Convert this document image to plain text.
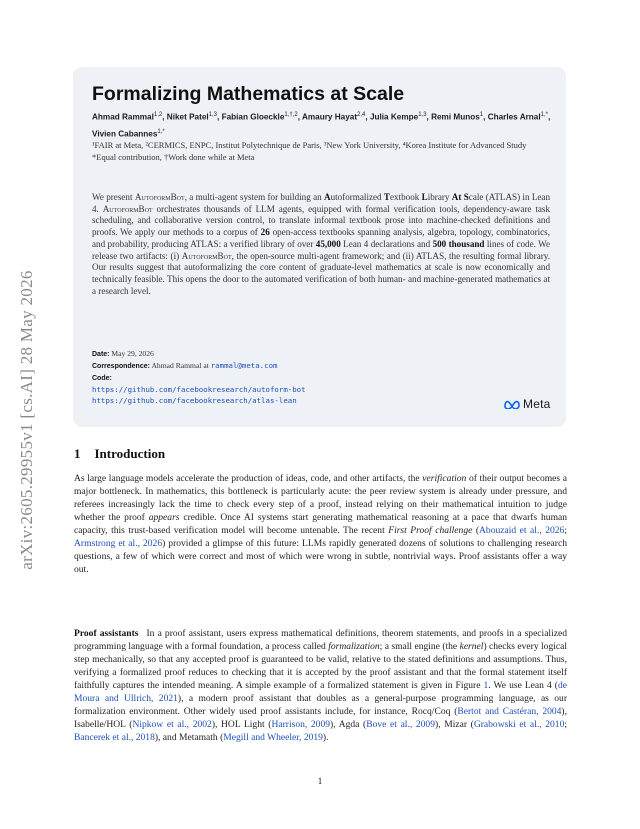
arXiv:2605.29955v1 [cs.AI] 28 May 2026
Formalizing Mathematics at Scale
Ahmad Rammal$^{1,2}$, Niket Patel$^{1,3}$, Fabian Gloeckle$^{1,\dagger,2}$, Amaury Hayat$^{2,4}$, Julia Kempe$^{1,3}$, Remi Munos$^1$, Charles Arnal$^{1,*}$, Vivien Cabannes$^{1,*}$
¹FAIR at Meta, ²CERMICS, ENPC, Institut Polytechnique de Paris, ³New York University, ⁴Korea Institute for Advanced Study
*Equal contribution, †Work done while at Meta
We present AutoformBot, a multi-agent system for building an Autoformalized Textbook Library At Scale (ATLAS) in Lean 4. AutoformBot orchestrates thousands of LLM agents, equipped with formal verification tools, dependency-aware task scheduling, and collaborative version control, to translate informal textbook prose into machine-checked definitions and proofs. We apply our methods to a corpus of 26 open-access textbooks spanning analysis, algebra, topology, combinatorics, and probability, producing ATLAS: a verified library of over 45,000 Lean 4 declarations and 500 thousand lines of code. We release two artifacts: (i) AutoformBot, the open-source multi-agent framework; and (ii) ATLAS, the resulting formal library. Our results suggest that autoformalizing the core content of graduate-level mathematics at scale is now economically and technically feasible. This opens the door to the automated verification of both human- and machine-generated mathematics at a research level.
Date: May 29, 2026
Correspondence: Ahmad Rammal at rammal@meta.com
Code:
https://github.com/facebookresearch/autoform-bot
https://github.com/facebookresearch/atlas-lean	Meta
1 Introduction
As large language models accelerate the production of ideas, code, and other artifacts, the verification of their output becomes a major bottleneck. In mathematics, this bottleneck is particularly acute: the peer review system is already under pressure, and referees increasingly lack the time to check every step of a proof, instead relying on their mathematical intuition to judge whether the proof appears credible. Once AI systems start generating mathematical reasoning at a pace that dwarfs human capacity, this trust-based verification model will become untenable. The recent First Proof challenge (Abouzaid et al., 2026; Armstrong et al., 2026) provided a glimpse of this future: LLMs rapidly generated dozens of solutions to challenging research questions, a few of which were correct and most of which were wrong in subtle, nontrivial ways. Proof assistants offer a way out.
Proof assistants In a proof assistant, users express mathematical definitions, theorem statements, and proofs in a specialized programming language with a formal foundation, a process called formalization; a small engine (the kernel) checks every logical step mechanically, so that any accepted proof is guaranteed to be valid, relative to the stated definitions and assumptions. Thus, verifying a formalized proof reduces to checking that it is accepted by the proof assistant and that the formal statement itself faithfully captures the intended meaning. A simple example of a formalized statement is given in Figure 1. We use Lean 4 (de Moura and Ullrich, 2021), a modern proof assistant that doubles as a general-purpose programming language, as our formalization environment. Other widely used proof assistants include, for instance, Rocq/Coq (Bertot and Castéran, 2004), Isabelle/HOL (Nipkow et al., 2002), HOL Light (Harrison, 2009), Agda (Bove et al., 2009), Mizar (Grabowski et al., 2010; Bancerek et al., 2018), and Metamath (Megill and Wheeler, 2019).
1
